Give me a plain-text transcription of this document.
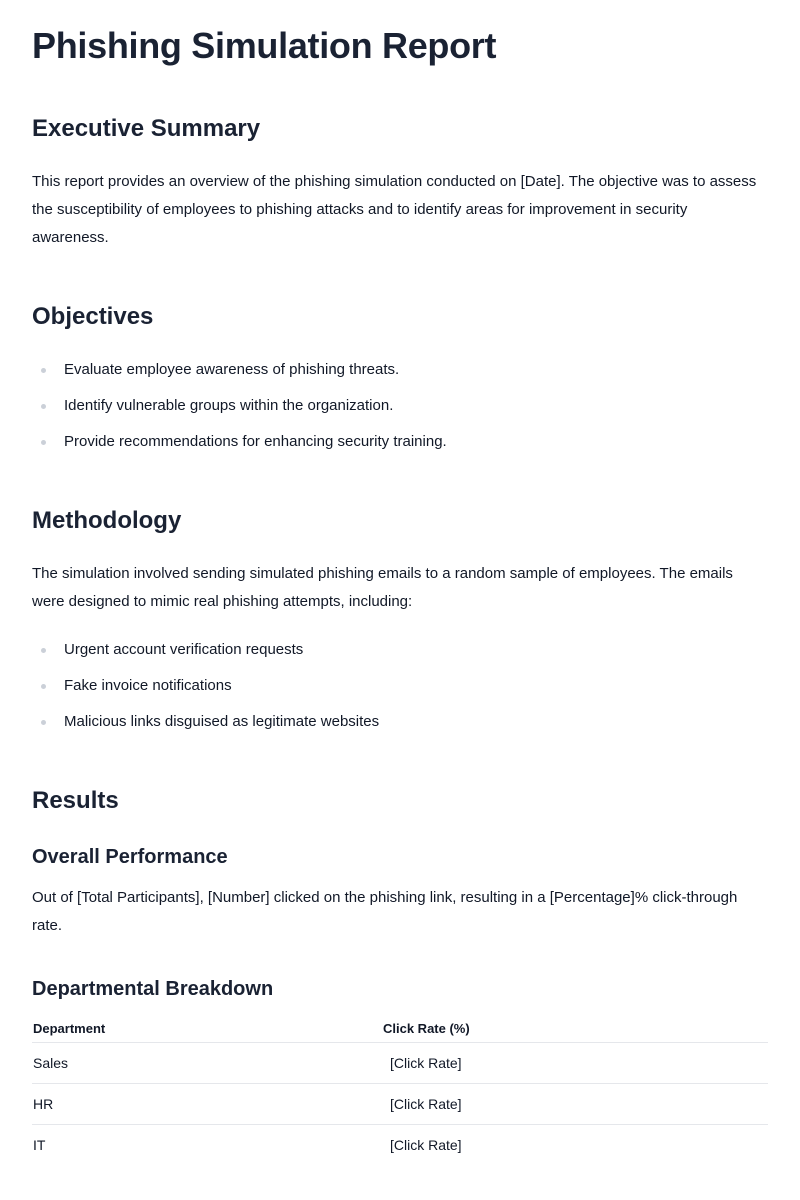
Phishing Simulation Report
Executive Summary

This report provides an overview of the phishing simulation conducted on [Date]. The objective was to assess the susceptibility of employees to phishing attacks and to identify areas for improvement in security awareness.

Objectives
Evaluate employee awareness of phishing threats.
Identify vulnerable groups within the organization.
Provide recommendations for enhancing security training.
Methodology

The simulation involved sending simulated phishing emails to a random sample of employees. The emails were designed to mimic real phishing attempts, including:

Urgent account verification requests
Fake invoice notifications
Malicious links disguised as legitimate websites
Results
Overall Performance

Out of [Total Participants], [Number] clicked on the phishing link, resulting in a [Percentage]% click-through rate.

Departmental Breakdown
Department	Click Rate (%)
Sales	[Click Rate]
HR	[Click Rate]
IT	[Click Rate]
